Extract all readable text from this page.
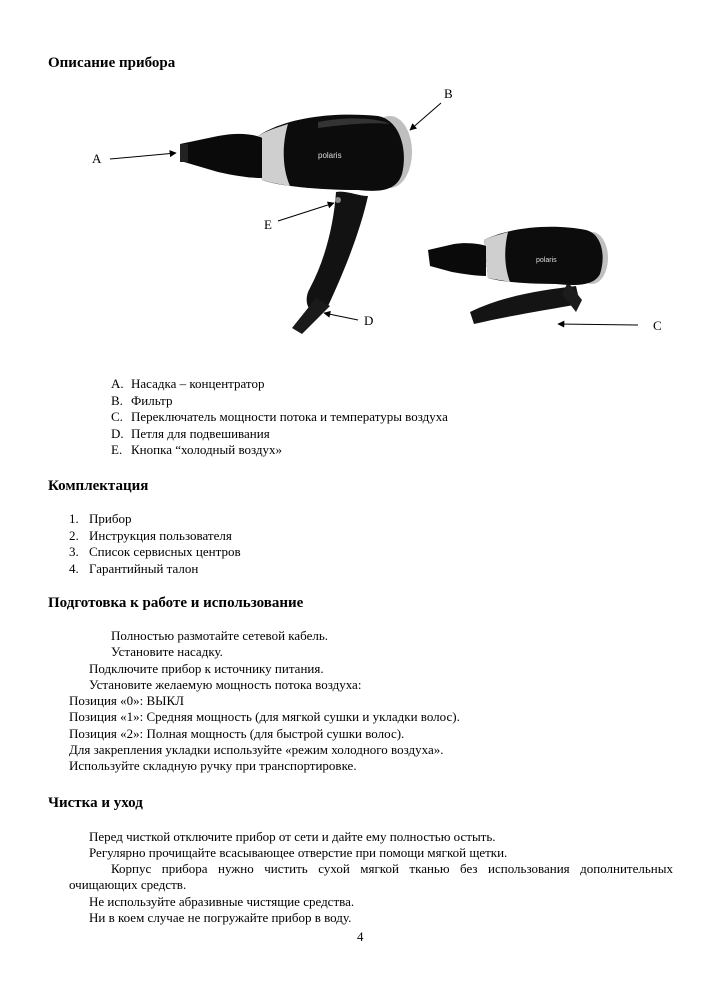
Описание прибора
polaris
polaris
A
B
E
D	C
A. Насадка – концентратор
B. Фильтр
C. Переключатель мощности потока и температуры воздуха
D. Петля для подвешивания
E. Кнопка “холодный воздух»
Комплектация
1. Прибор
2. Инструкция пользователя
3. Список сервисных центров
4. Гарантийный талон
Подготовка к работе и использование
Полностью размотайте сетевой кабель.
Установите насадку.
Подключите прибор к источнику питания.
Установите желаемую мощность потока воздуха:
Позиция «0»: ВЫКЛ
Позиция «1»: Средняя мощность (для мягкой сушки и укладки волос).
Позиция «2»: Полная мощность (для быстрой сушки волос).
Для закрепления укладки используйте «режим холодного воздуха».
Используйте складную ручку при транспортировке.
Чистка и уход
Перед чисткой отключите прибор от сети и дайте ему полностью остыть.
Регулярно прочищайте всасывающее отверстие при помощи мягкой щетки.
Корпус прибора нужно чистить сухой мягкой тканью без использования дополнительных очищающих средств.
Не используйте абразивные чистящие средства.
Ни в коем случае не погружайте прибор в воду.
4
